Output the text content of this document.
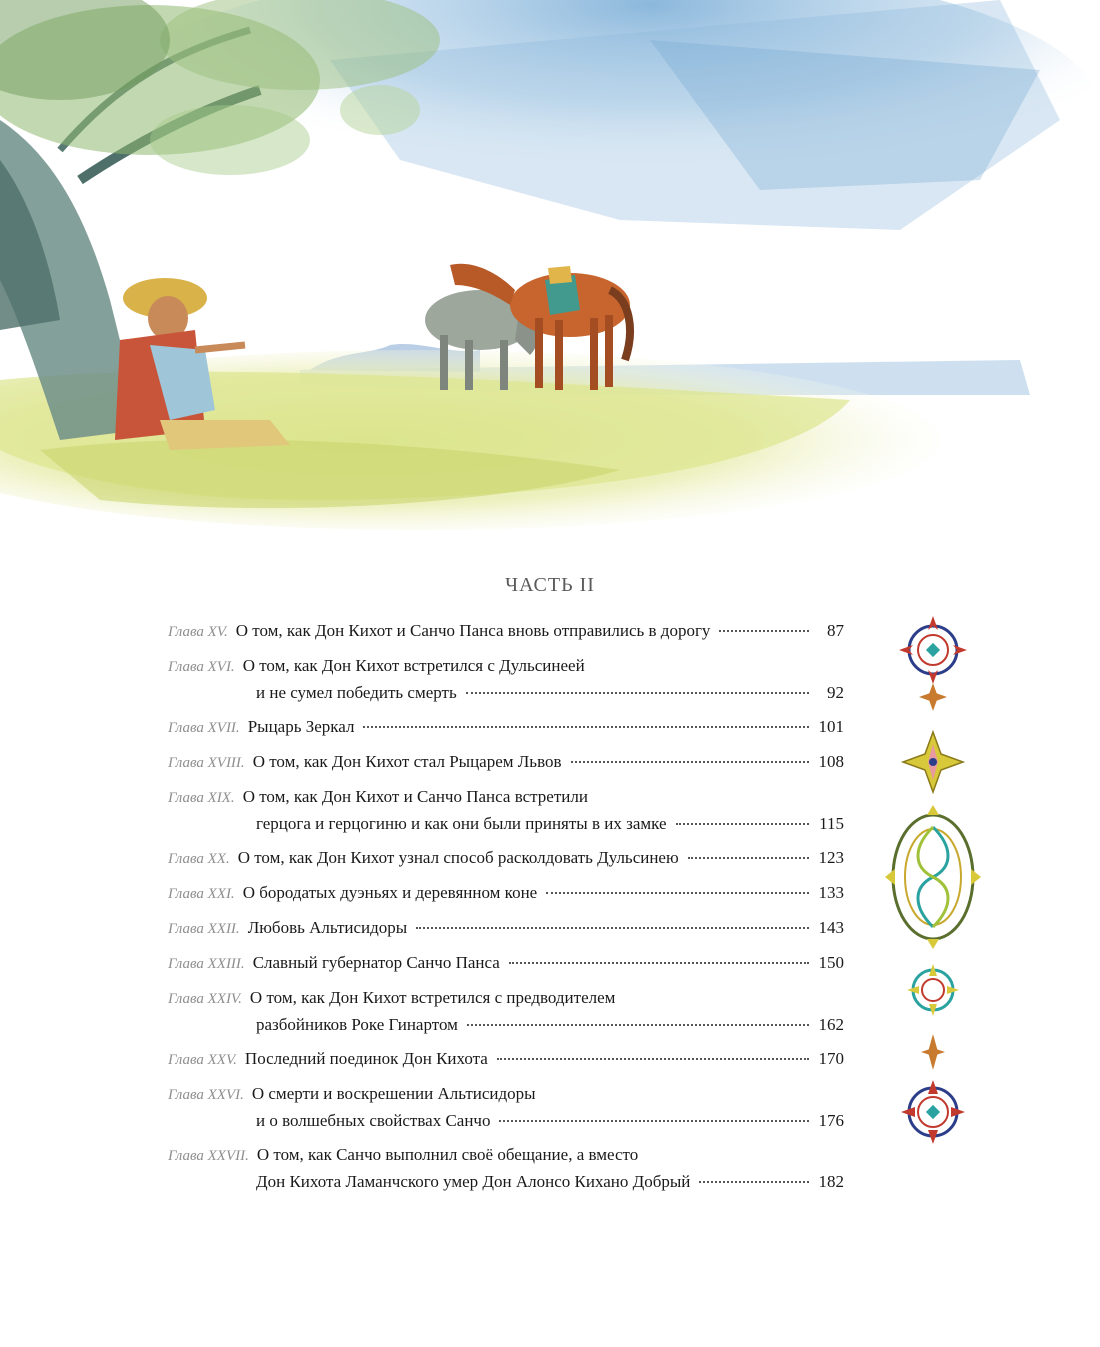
ЧАСТЬ II
Глава XV. О том, как Дон Кихот и Санчо Панса вновь отправились в дорогу	87
Глава XVI. О том, как Дон Кихот встретился с Дульсинеей
и не сумел победить смерть	92
Глава XVII. Рыцарь Зеркал	101
Глава XVIII. О том, как Дон Кихот стал Рыцарем Львов	108
Глава XIX. О том, как Дон Кихот и Санчо Панса встретили
герцога и герцогиню и как они были приняты в их замке	115
Глава XX. О том, как Дон Кихот узнал способ расколдовать Дульсинею	123
Глава XXI. О бородатых дуэньях и деревянном коне	133
Глава XXII. Любовь Альтисидоры	143
Глава XXIII. Славный губернатор Санчо Панса	150
Глава XXIV. О том, как Дон Кихот встретился с предводителем
разбойников Роке Гинартом	162
Глава XXV. Последний поединок Дон Кихота	170
Глава XXVI. О смерти и воскрешении Альтисидоры
и о волшебных свойствах Санчо	176
Глава XXVII. О том, как Санчо выполнил своё обещание, а вместо
Дон Кихота Ламанчского умер Дон Алонсо Кихано Добрый	182
